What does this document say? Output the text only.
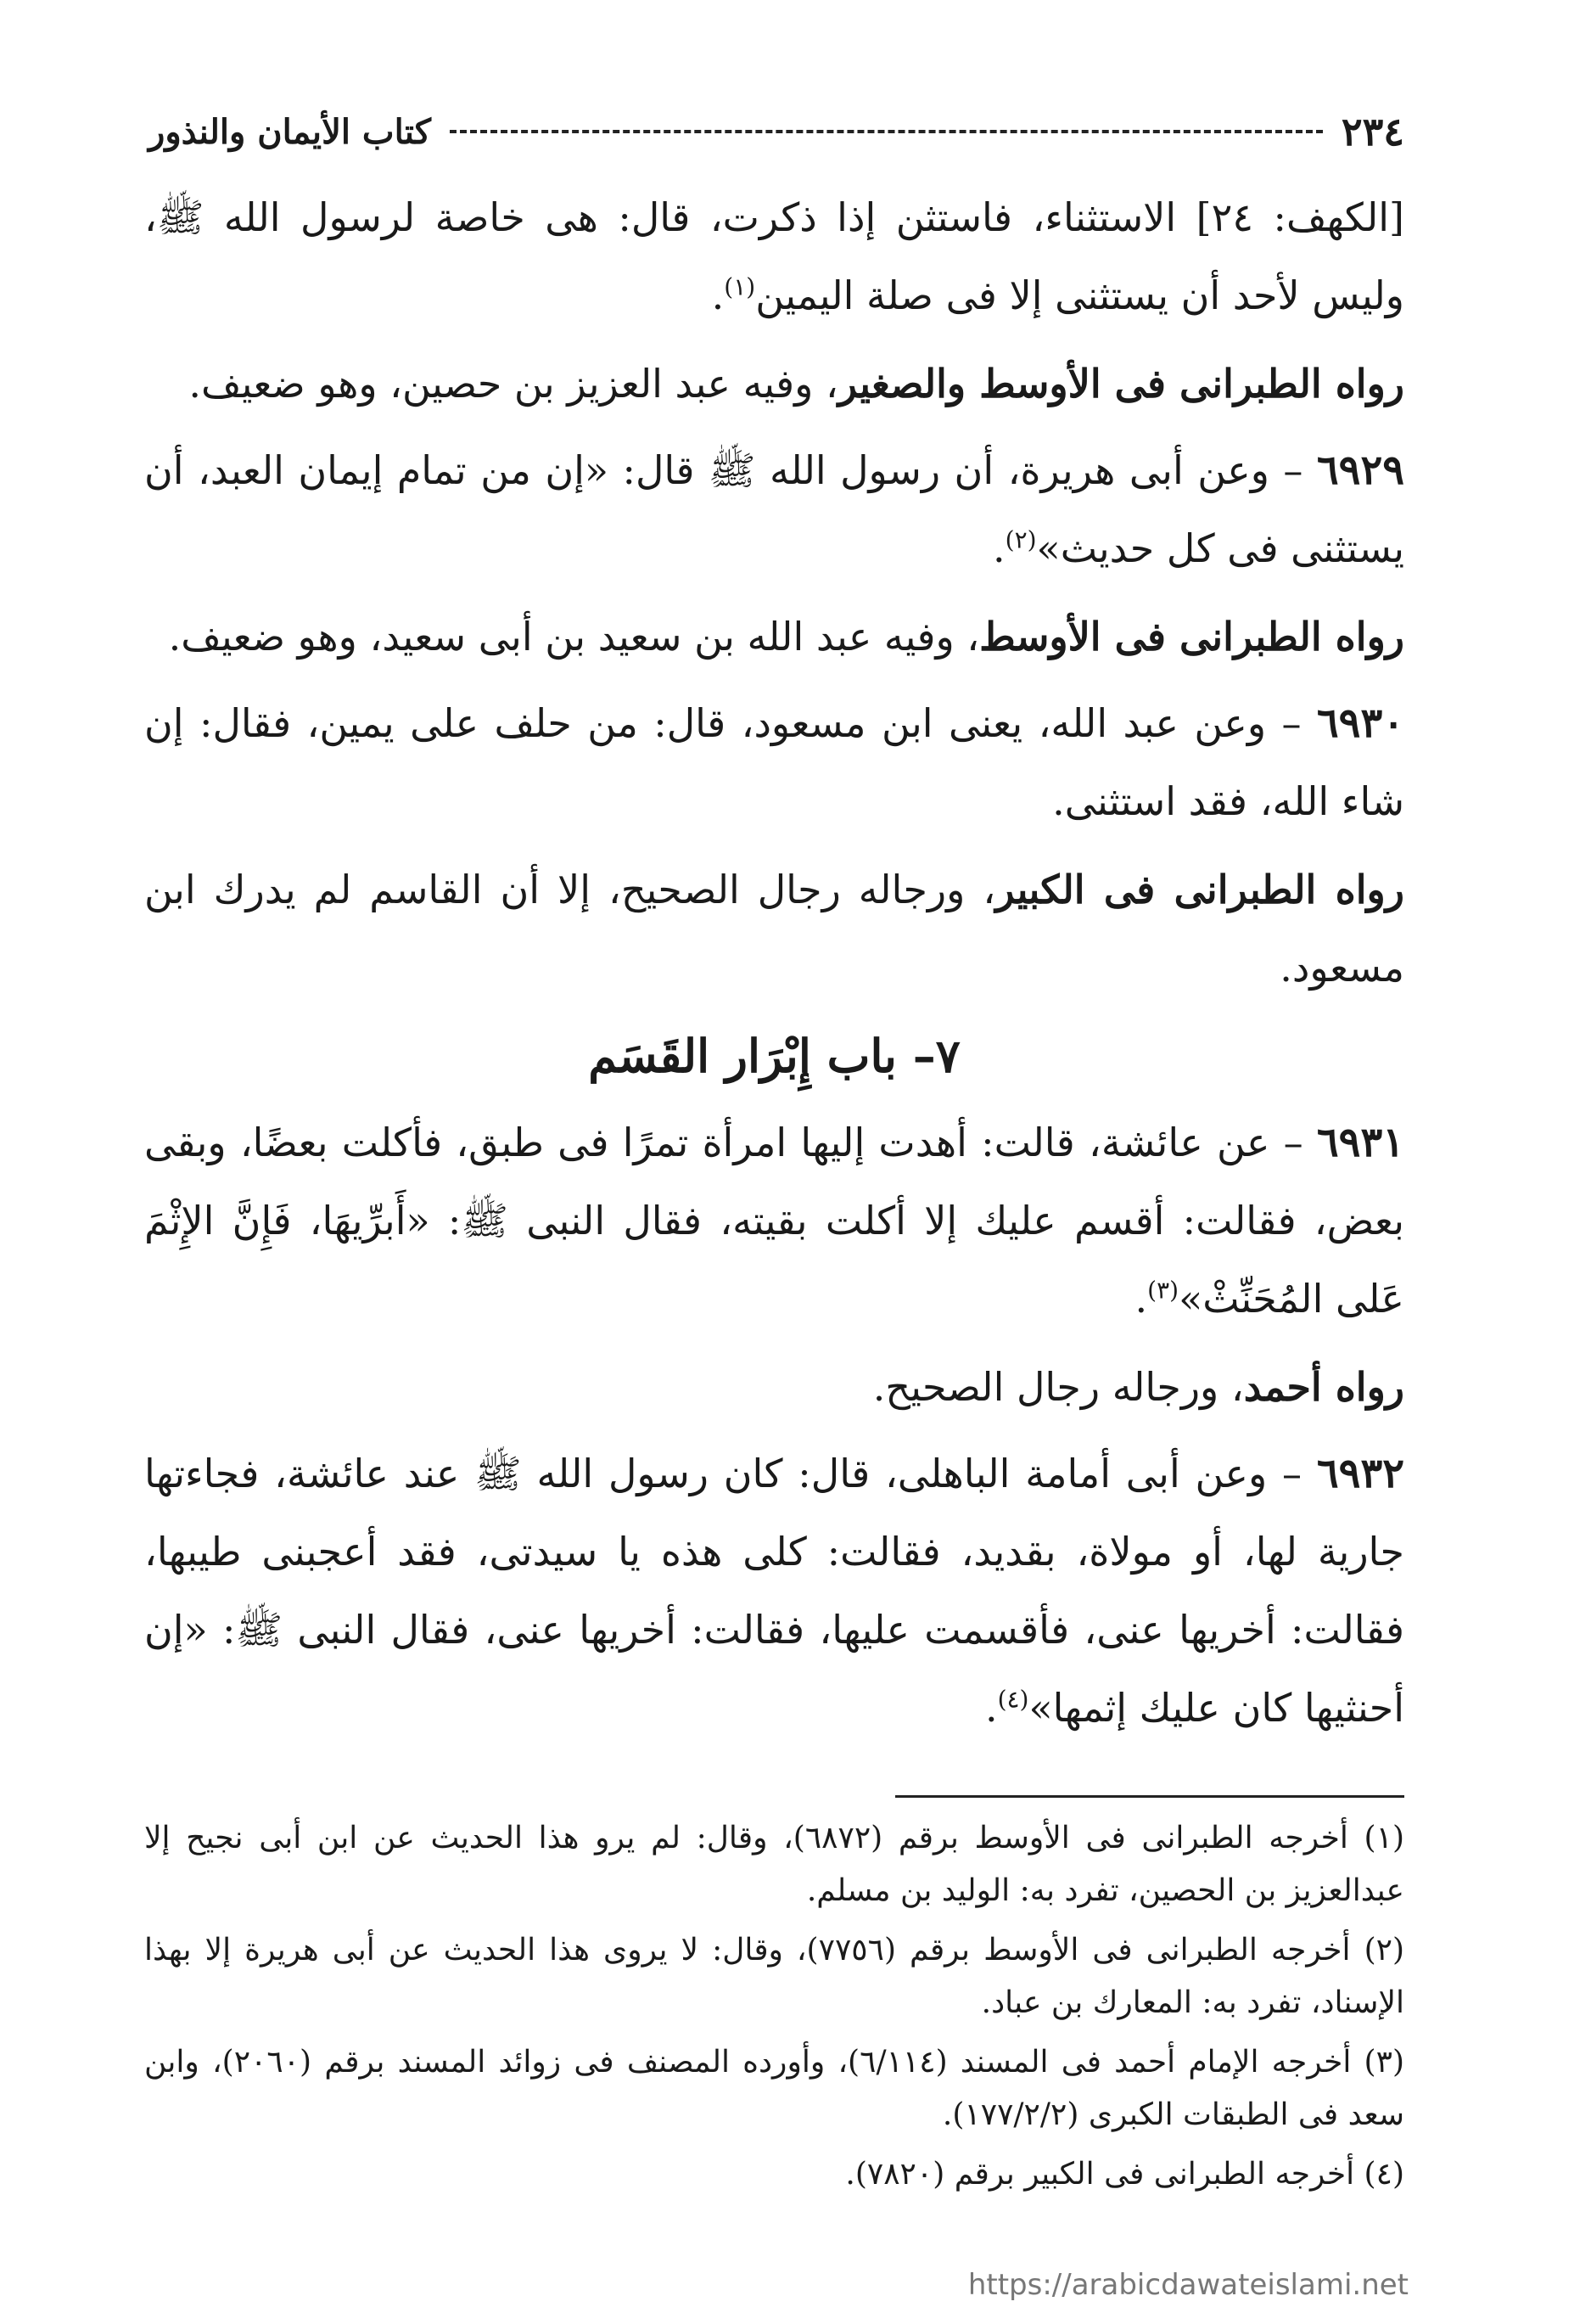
٢٣٤
كتاب الأيمان والنذور

[الكهف: ٢٤] الاستثناء، فاستثن إذا ذكرت، قال: هى خاصة لرسول الله ﷺ، وليس لأحد أن يستثنى إلا فى صلة اليمين$^{(١)}$.

رواه الطبرانى فى الأوسط والصغير، وفيه عبد العزيز بن حصين، وهو ضعيف.

٦٩٢٩ – وعن أبى هريرة، أن رسول الله ﷺ قال: «إن من تمام إيمان العبد، أن يستثنى فى كل حديث»$^{(٢)}$.

رواه الطبرانى فى الأوسط، وفيه عبد الله بن سعيد بن أبى سعيد، وهو ضعيف.

٦٩٣٠ – وعن عبد الله، يعنى ابن مسعود، قال: من حلف على يمين، فقال: إن شاء الله، فقد استثنى.

رواه الطبرانى فى الكبير، ورجاله رجال الصحيح، إلا أن القاسم لم يدرك ابن مسعود.

٧– باب إِبْرَار القَسَم

٦٩٣١ – عن عائشة، قالت: أهدت إليها امرأة تمرًا فى طبق، فأكلت بعضًا، وبقى بعض، فقالت: أقسم عليك إلا أكلت بقيته، فقال النبى ﷺ: «أَبرِّيهَا، فَإِنَّ الإِثْمَ عَلى المُحَنِّثْ»$^{(٣)}$.

رواه أحمد، ورجاله رجال الصحيح.

٦٩٣٢ – وعن أبى أمامة الباهلى، قال: كان رسول الله ﷺ عند عائشة، فجاءتها جارية لها، أو مولاة، بقديد، فقالت: كلى هذه يا سيدتى، فقد أعجبنى طيبها، فقالت: أخريها عنى، فأقسمت عليها، فقالت: أخريها عنى، فقال النبى ﷺ: «إن أحنثيها كان عليك إثمها»$^{(٤)}$.

(١) أخرجه الطبرانى فى الأوسط برقم (٦٨٧٢)، وقال: لم يرو هذا الحديث عن ابن أبى نجيح إلا عبدالعزيز بن الحصين، تفرد به: الوليد بن مسلم.

(٢) أخرجه الطبرانى فى الأوسط برقم (٧٧٥٦)، وقال: لا يروى هذا الحديث عن أبى هريرة إلا بهذا الإسناد، تفرد به: المعارك بن عباد.

(٣) أخرجه الإمام أحمد فى المسند (٦/١١٤)، وأورده المصنف فى زوائد المسند برقم (٢٠٦٠)، وابن سعد فى الطبقات الكبرى (١٧٧/٢/٢).

(٤) أخرجه الطبرانى فى الكبير برقم (٧٨٢٠).

https://arabicdawateislami.net
